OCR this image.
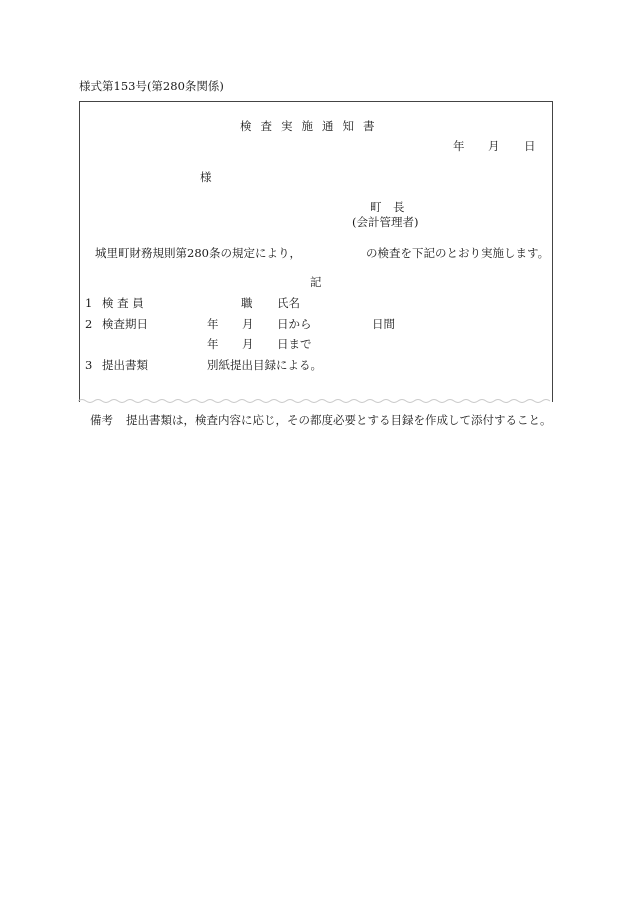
様式第153号(第280条関係)
検査実施通知書
年 月 日
様
町　長
(会計管理者)
城里町財務規則第280条の規定により，	の検査を下記のとおり実施します。
記
1 検 査 員	職 氏名
2 検査期日	年 月 日から	日間
年 月 日まで
3 提出書類	別紙提出目録による。
備考 提出書類は，検査内容に応じ，その都度必要とする目録を作成して添付すること。
